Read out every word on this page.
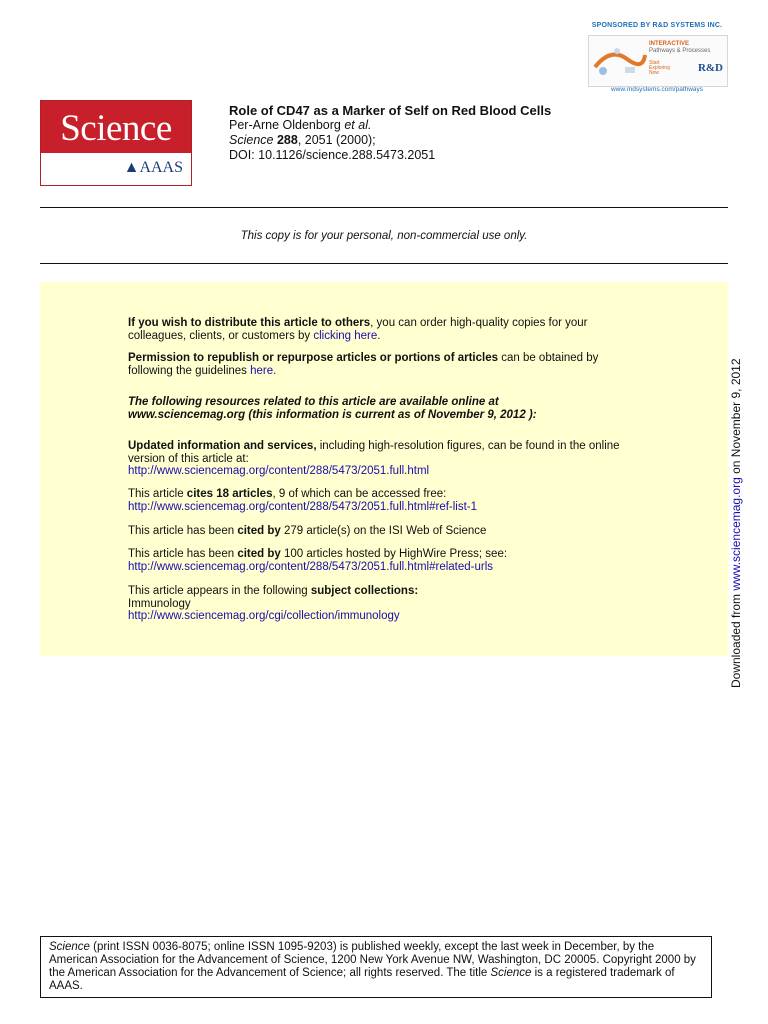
SPONSORED BY R&D SYSTEMS INC.
INTERACTIVE
Pathways & Processes
Start Exploring Now	R&D
www.rndsystems.com/pathways
Science
▲AAAS
Role of CD47 as a Marker of Self on Red Blood Cells
Per-Arne Oldenborg et al.
Science 288, 2051 (2000);
DOI: 10.1126/science.288.5473.2051
This copy is for your personal, non-commercial use only.
If you wish to distribute this article to others, you can order high-quality copies for your
colleagues, clients, or customers by clicking here.
Permission to republish or repurpose articles or portions of articles can be obtained by
following the guidelines here.
The following resources related to this article are available online at
www.sciencemag.org (this information is current as of November 9, 2012 ):
Updated information and services, including high-resolution figures, can be found in the online
version of this article at:
http://www.sciencemag.org/content/288/5473/2051.full.html
This article cites 18 articles, 9 of which can be accessed free:
http://www.sciencemag.org/content/288/5473/2051.full.html#ref-list-1
This article has been cited by 279 article(s) on the ISI Web of Science
This article has been cited by 100 articles hosted by HighWire Press; see:
http://www.sciencemag.org/content/288/5473/2051.full.html#related-urls
This article appears in the following subject collections:
Immunology
http://www.sciencemag.org/cgi/collection/immunology	Downloaded from www.sciencemag.org on November 9, 2012
Science (print ISSN 0036-8075; online ISSN 1095-9203) is published weekly, except the last week in December, by the American Association for the Advancement of Science, 1200 New York Avenue NW, Washington, DC 20005. Copyright 2000 by the American Association for the Advancement of Science; all rights reserved. The title Science is a registered trademark of AAAS.
